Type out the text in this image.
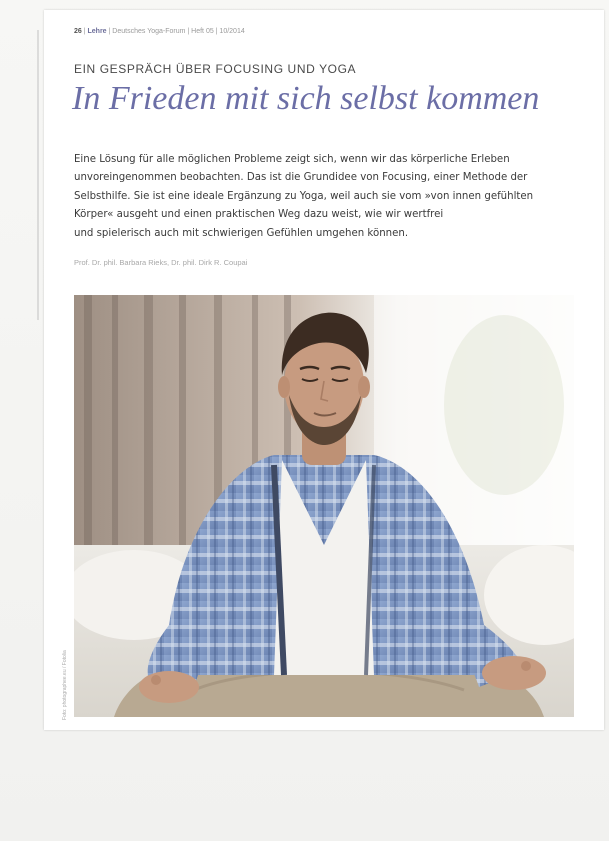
26 | Lehre | Deutsches Yoga-Forum | Heft 05 | 10/2014
EIN GESPRÄCH ÜBER FOCUSING UND YOGA
In Frieden mit sich selbst kommen
Eine Lösung für alle möglichen Probleme zeigt sich, wenn wir das körperliche Erleben
unvoreingenommen beobachten. Das ist die Grundidee von Focusing, einer Methode der
Selbsthilfe. Sie ist eine ideale Ergänzung zu Yoga, weil auch sie vom »von innen gefühlten
Körper« ausgeht und einen praktischen Weg dazu weist, wie wir wertfrei
und spielerisch auch mit schwierigen Gefühlen umgehen können.
Prof. Dr. phil. Barbara Rieks, Dr. phil. Dirk R. Coupai
Foto: photographee.eu / Fotolia
